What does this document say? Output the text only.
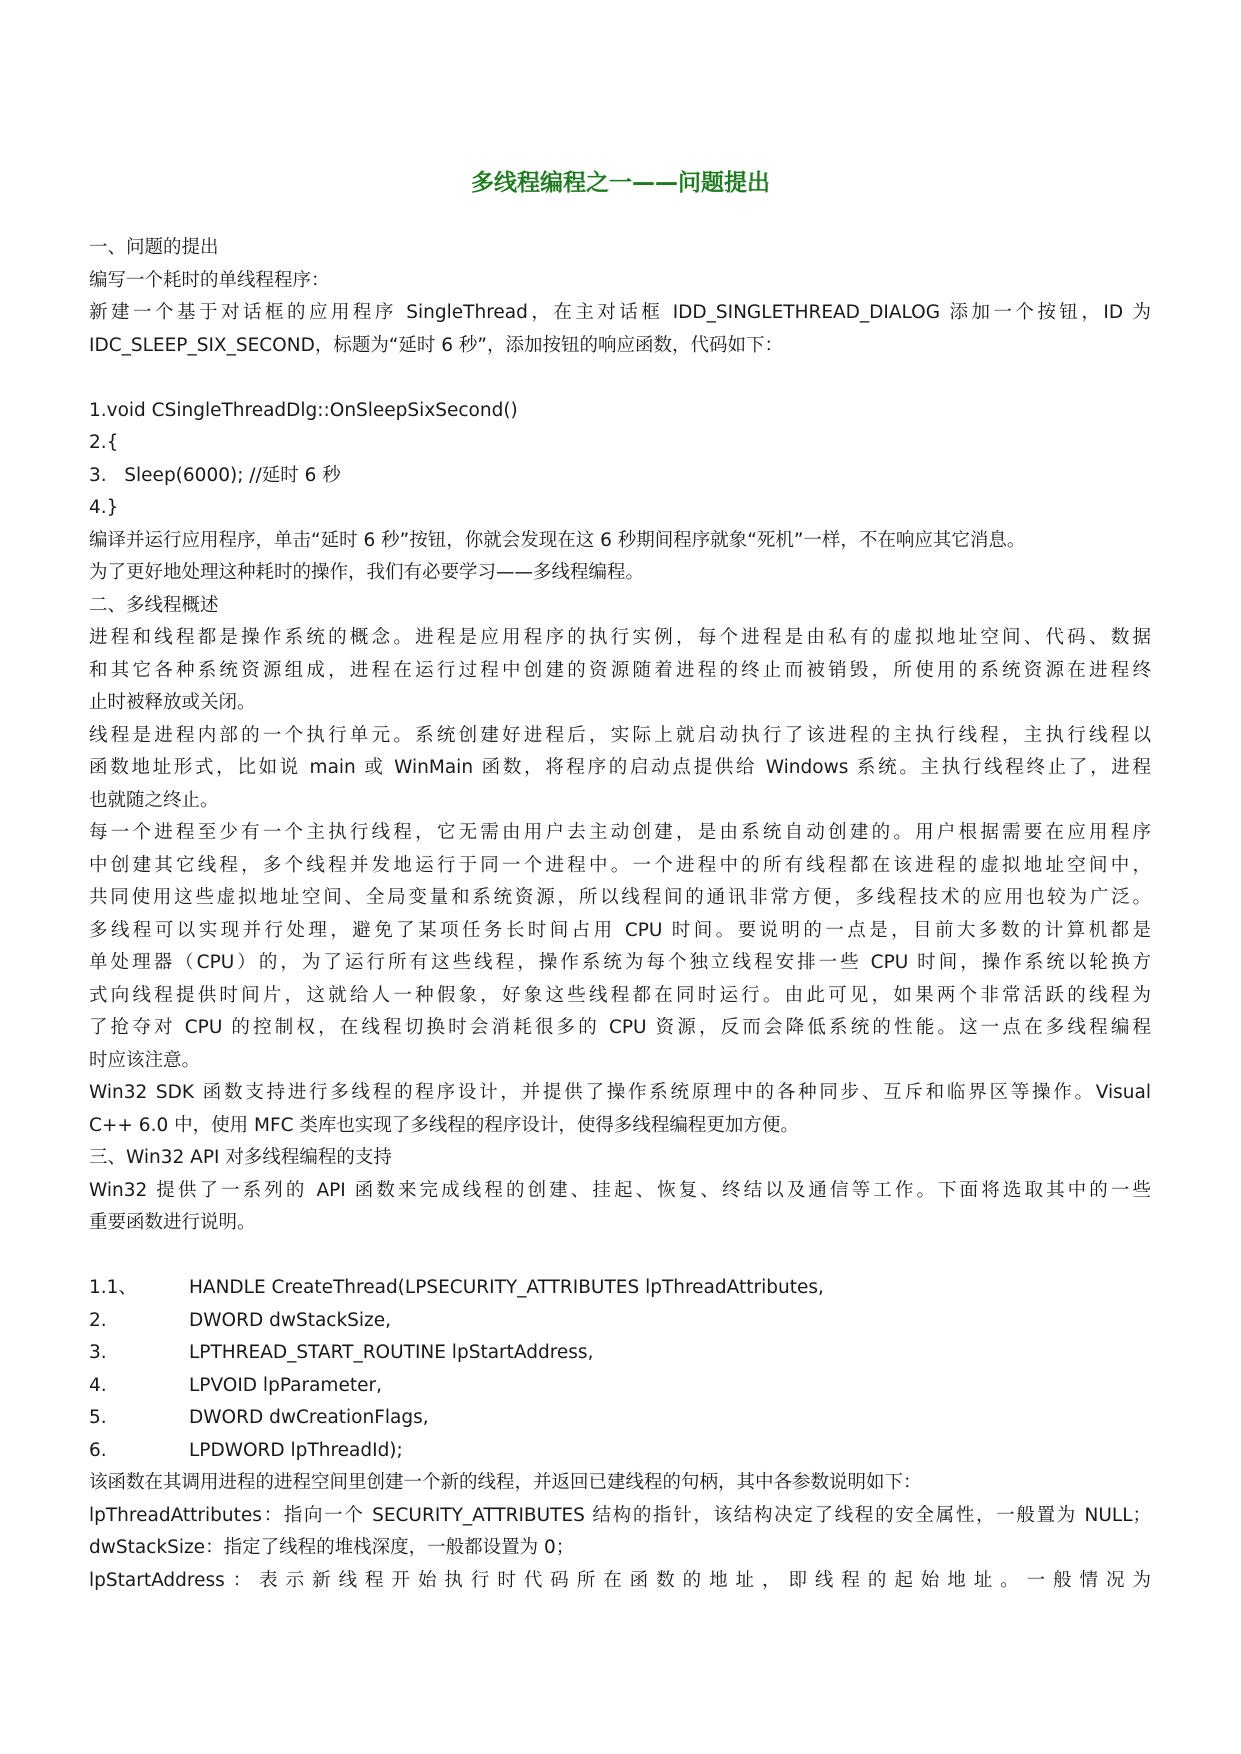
多线程编程之一——问题提出
一、问题的提出
编写一个耗时的单线程程序：
新建一个基于对话框的应用程序 SingleThread，在主对话框 IDD_SINGLETHREAD_DIALOG 添加一个按钮，ID 为
IDC_SLEEP_SIX_SECOND，标题为“延时 6 秒”，添加按钮的响应函数，代码如下：
1.void CSingleThreadDlg::OnSleepSixSecond()
2.{
3.   Sleep(6000); //延时 6 秒
4.}
编译并运行应用程序，单击“延时 6 秒”按钮，你就会发现在这 6 秒期间程序就象“死机”一样，不在响应其它消息。
为了更好地处理这种耗时的操作，我们有必要学习——多线程编程。
二、多线程概述
进程和线程都是操作系统的概念。进程是应用程序的执行实例，每个进程是由私有的虚拟地址空间、代码、数据
和其它各种系统资源组成，进程在运行过程中创建的资源随着进程的终止而被销毁，所使用的系统资源在进程终
止时被释放或关闭。
线程是进程内部的一个执行单元。系统创建好进程后，实际上就启动执行了该进程的主执行线程，主执行线程以
函数地址形式，比如说 main 或 WinMain 函数，将程序的启动点提供给 Windows 系统。主执行线程终止了，进程
也就随之终止。
每一个进程至少有一个主执行线程，它无需由用户去主动创建，是由系统自动创建的。用户根据需要在应用程序
中创建其它线程，多个线程并发地运行于同一个进程中。一个进程中的所有线程都在该进程的虚拟地址空间中，
共同使用这些虚拟地址空间、全局变量和系统资源，所以线程间的通讯非常方便，多线程技术的应用也较为广泛。
多线程可以实现并行处理，避免了某项任务长时间占用 CPU 时间。要说明的一点是，目前大多数的计算机都是
单处理器（CPU）的，为了运行所有这些线程，操作系统为每个独立线程安排一些 CPU 时间，操作系统以轮换方
式向线程提供时间片，这就给人一种假象，好象这些线程都在同时运行。由此可见，如果两个非常活跃的线程为
了抢夺对 CPU 的控制权，在线程切换时会消耗很多的 CPU 资源，反而会降低系统的性能。这一点在多线程编程
时应该注意。
Win32 SDK 函数支持进行多线程的程序设计，并提供了操作系统原理中的各种同步、互斥和临界区等操作。Visual
C++ 6.0 中，使用 MFC 类库也实现了多线程的程序设计，使得多线程编程更加方便。
三、Win32 API 对多线程编程的支持
Win32 提供了一系列的 API 函数来完成线程的创建、挂起、恢复、终结以及通信等工作。下面将选取其中的一些
重要函数进行说明。
1.1、	HANDLE CreateThread(LPSECURITY_ATTRIBUTES lpThreadAttributes,
2.	DWORD dwStackSize,
3.	LPTHREAD_START_ROUTINE lpStartAddress,
4.	LPVOID lpParameter,
5.	DWORD dwCreationFlags,
6.	LPDWORD lpThreadId);
该函数在其调用进程的进程空间里创建一个新的线程，并返回已建线程的句柄，其中各参数说明如下：
lpThreadAttributes：指向一个 SECURITY_ATTRIBUTES 结构的指针，该结构决定了线程的安全属性，一般置为 NULL；
dwStackSize：指定了线程的堆栈深度，一般都设置为 0；
lpStartAddress：表示新线程开始执行时代码所在函数的地址，即线程的起始地址。一般情况为
